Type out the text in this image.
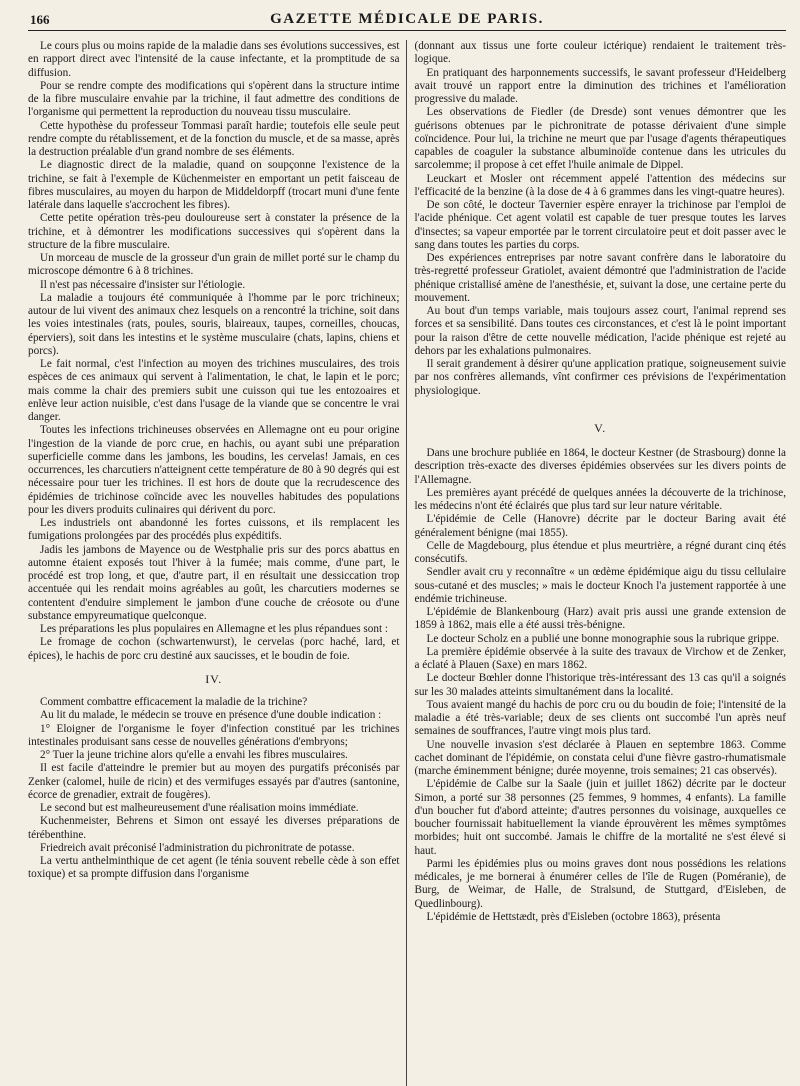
166	GAZETTE MÉDICALE DE PARIS.

Le cours plus ou moins rapide de la maladie dans ses évolutions successives, est en rapport direct avec l'intensité de la cause infectante, et la promptitude de sa diffusion.

Pour se rendre compte des modifications qui s'opèrent dans la structure intime de la fibre musculaire envahie par la trichine, il faut admettre des conditions de l'organisme qui permettent la reproduction du nouveau tissu musculaire.

Cette hypothèse du professeur Tommasi paraît hardie; toutefois elle seule peut rendre compte du rétablissement, et de la fonction du muscle, et de sa masse, après la destruction préalable d'un grand nombre de ses éléments.

Le diagnostic direct de la maladie, quand on soupçonne l'existence de la trichine, se fait à l'exemple de Küchenmeister en emportant un petit faisceau de fibres musculaires, au moyen du harpon de Middeldorpff (trocart muni d'une fente latérale dans laquelle s'accrochent les fibres).

Cette petite opération très-peu douloureuse sert à constater la présence de la trichine, et à démontrer les modifications successives qui s'opèrent dans la structure de la fibre musculaire.

Un morceau de muscle de la grosseur d'un grain de millet porté sur le champ du microscope démontre 6 à 8 trichines.

Il n'est pas nécessaire d'insister sur l'étiologie.

La maladie a toujours été communiquée à l'homme par le porc trichineux; autour de lui vivent des animaux chez lesquels on a rencontré la trichine, soit dans les voies intestinales (rats, poules, souris, blaireaux, taupes, corneilles, choucas, éperviers), soit dans les intestins et le système musculaire (chats, lapins, chiens et porcs).

Le fait normal, c'est l'infection au moyen des trichines musculaires, des trois espèces de ces animaux qui servent à l'alimentation, le chat, le lapin et le porc; mais comme la chair des premiers subit une cuisson qui tue les entozoaires et enlève leur action nuisible, c'est dans l'usage de la viande que se concentre le vrai danger.

Toutes les infections trichineuses observées en Allemagne ont eu pour origine l'ingestion de la viande de porc crue, en hachis, ou ayant subi une préparation superficielle comme dans les jambons, les boudins, les cervelas! Jamais, en ces occurrences, les charcutiers n'atteignent cette température de 80 à 90 degrés qui est nécessaire pour tuer les trichines. Il est hors de doute que la recrudescence des épidémies de trichinose coïncide avec les nouvelles habitudes des populations pour les divers produits culinaires qui dérivent du porc.

Les industriels ont abandonné les fortes cuissons, et ils remplacent les fumigations prolongées par des procédés plus expéditifs.

Jadis les jambons de Mayence ou de Westphalie pris sur des porcs abattus en automne étaient exposés tout l'hiver à la fumée; mais comme, d'une part, le procédé est trop long, et que, d'autre part, il en résultait une dessiccation trop accentuée qui les rendait moins agréables au goût, les charcutiers modernes se contentent d'enduire simplement le jambon d'une couche de créosote ou d'une substance empyreumatique quelconque.

Les préparations les plus populaires en Allemagne et les plus répandues sont :

Le fromage de cochon (schwartenwurst), le cervelas (porc haché, lard, et épices), le hachis de porc cru destiné aux saucisses, et le boudin de foie.

IV.

Comment combattre efficacement la maladie de la trichine?

Au lit du malade, le médecin se trouve en présence d'une double indication :

1° Eloigner de l'organisme le foyer d'infection constitué par les trichines intestinales produisant sans cesse de nouvelles générations d'embryons;

2° Tuer la jeune trichine alors qu'elle a envahi les fibres musculaires.

Il est facile d'atteindre le premier but au moyen des purgatifs préconisés par Zenker (calomel, huile de ricin) et des vermifuges essayés par d'autres (santonine, écorce de grenadier, extrait de fougères).

Le second but est malheureusement d'une réalisation moins immédiate.

Kuchenmeister, Behrens et Simon ont essayé les diverses préparations de térébenthine.

Friedreich avait préconisé l'administration du pichronitrate de potasse.

La vertu anthelminthique de cet agent (le ténia souvent rebelle cède à son effet toxique) et sa prompte diffusion dans l'organisme

(donnant aux tissus une forte couleur ictérique) rendaient le traitement très-logique.

En pratiquant des harponnements successifs, le savant professeur d'Heidelberg avait trouvé un rapport entre la diminution des trichines et l'amélioration progressive du malade.

Les observations de Fiedler (de Dresde) sont venues démontrer que les guérisons obtenues par le pichronitrate de potasse dérivaient d'une simple coïncidence. Pour lui, la trichine ne meurt que par l'usage d'agents thérapeutiques capables de coaguler la substance albuminoïde contenue dans les utricules du sarcolemme; il propose à cet effet l'huile animale de Dippel.

Leuckart et Mosler ont récemment appelé l'attention des médecins sur l'efficacité de la benzine (à la dose de 4 à 6 grammes dans les vingt-quatre heures).

De son côté, le docteur Tavernier espère enrayer la trichinose par l'emploi de l'acide phénique. Cet agent volatil est capable de tuer presque toutes les larves d'insectes; sa vapeur emportée par le torrent circulatoire peut et doit passer avec le sang dans toutes les parties du corps.

Des expériences entreprises par notre savant confrère dans le laboratoire du très-regretté professeur Gratiolet, avaient démontré que l'administration de l'acide phénique cristallisé amène de l'anesthésie, et, suivant la dose, une certaine perte du mouvement.

Au bout d'un temps variable, mais toujours assez court, l'animal reprend ses forces et sa sensibilité. Dans toutes ces circonstances, et c'est là le point important pour la raison d'être de cette nouvelle médication, l'acide phénique est rejeté au dehors par les exhalations pulmonaires.

Il serait grandement à désirer qu'une application pratique, soigneusement suivie par nos confrères allemands, vînt confirmer ces prévisions de l'expérimentation physiologique.

V.

Dans une brochure publiée en 1864, le docteur Kestner (de Strasbourg) donne la description très-exacte des diverses épidémies observées sur les divers points de l'Allemagne.

Les premières ayant précédé de quelques années la découverte de la trichinose, les médecins n'ont été éclairés que plus tard sur leur nature véritable.

L'épidémie de Celle (Hanovre) décrite par le docteur Baring avait été généralement bénigne (mai 1855).

Celle de Magdebourg, plus étendue et plus meurtrière, a régné durant cinq étés consécutifs.

Sendler avait cru y reconnaître « un œdème épidémique aigu du tissu cellulaire sous-cutané et des muscles; » mais le docteur Knoch l'a justement rapportée à une endémie trichineuse.

L'épidémie de Blankenbourg (Harz) avait pris aussi une grande extension de 1859 à 1862, mais elle a été aussi très-bénigne.

Le docteur Scholz en a publié une bonne monographie sous la rubrique grippe.

La première épidémie observée à la suite des travaux de Virchow et de Zenker, a éclaté à Plauen (Saxe) en mars 1862.

Le docteur Bœhler donne l'historique très-intéressant des 13 cas qu'il a soignés sur les 30 malades atteints simultanément dans la localité.

Tous avaient mangé du hachis de porc cru ou du boudin de foie; l'intensité de la maladie a été très-variable; deux de ses clients ont succombé l'un après neuf semaines de souffrances, l'autre vingt mois plus tard.

Une nouvelle invasion s'est déclarée à Plauen en septembre 1863. Comme cachet dominant de l'épidémie, on constata celui d'une fièvre gastro-rhumatismale (marche éminemment bénigne; durée moyenne, trois semaines; 21 cas observés).

L'épidémie de Calbe sur la Saale (juin et juillet 1862) décrite par le docteur Simon, a porté sur 38 personnes (25 femmes, 9 hommes, 4 enfants). La famille d'un boucher fut d'abord atteinte; d'autres personnes du voisinage, auxquelles ce boucher fournissait habituellement la viande éprouvèrent les mêmes symptômes morbides; huit ont succombé. Jamais le chiffre de la mortalité ne s'est élevé si haut.

Parmi les épidémies plus ou moins graves dont nous possédions les relations médicales, je me bornerai à énumérer celles de l'île de Rugen (Poméranie), de Burg, de Weimar, de Halle, de Stralsund, de Stuttgard, d'Eisleben, de Quedlinbourg).

L'épidémie de Hettstædt, près d'Eisleben (octobre 1863), présenta
